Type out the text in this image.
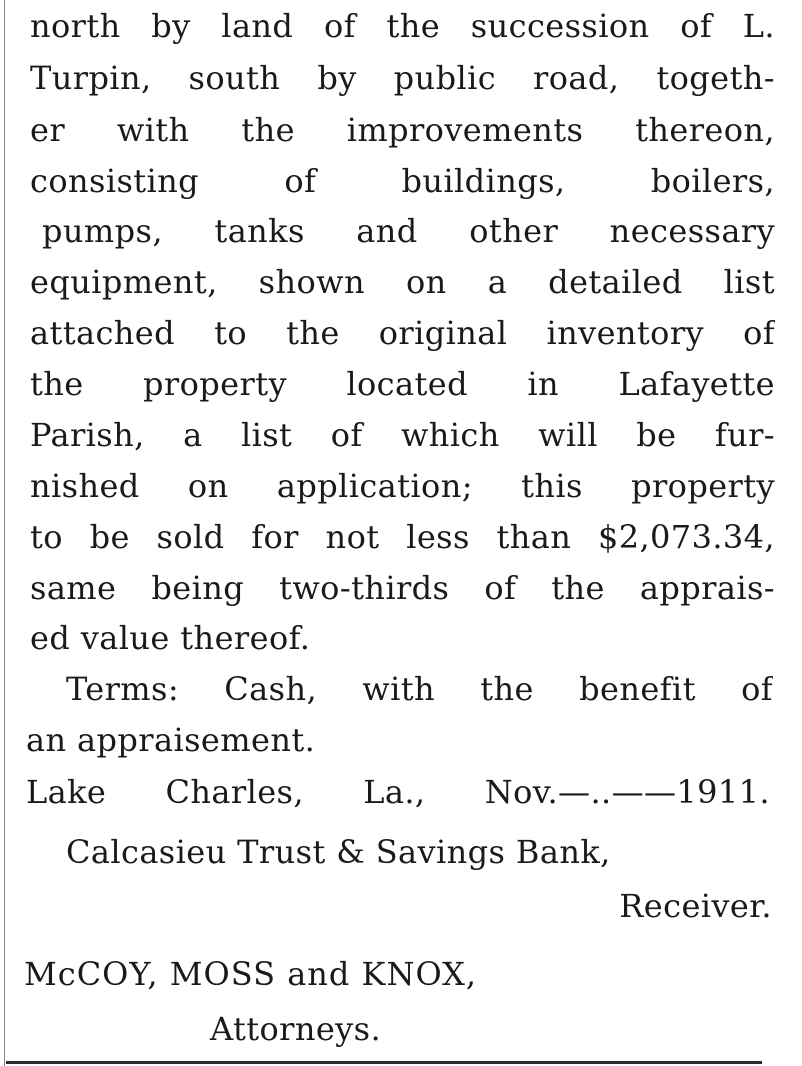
north by land of the succession of L.
Turpin, south by public road, togeth-
er with the improvements thereon,
consisting of buildings, boilers,
pumps, tanks and other necessary
equipment, shown on a detailed list
attached to the original inventory of
the property located in Lafayette
Parish, a list of which will be fur-
nished on application; this property
to be sold for not less than $2,073.34,
same being two-thirds of the apprais-
ed value thereof.
Terms: Cash, with the benefit of
an appraisement.
Lake Charles, La., Nov.—..——1911.
Calcasieu Trust & Savings Bank,
Receiver.
McCOY, MOSS and KNOX,
Attorneys.
